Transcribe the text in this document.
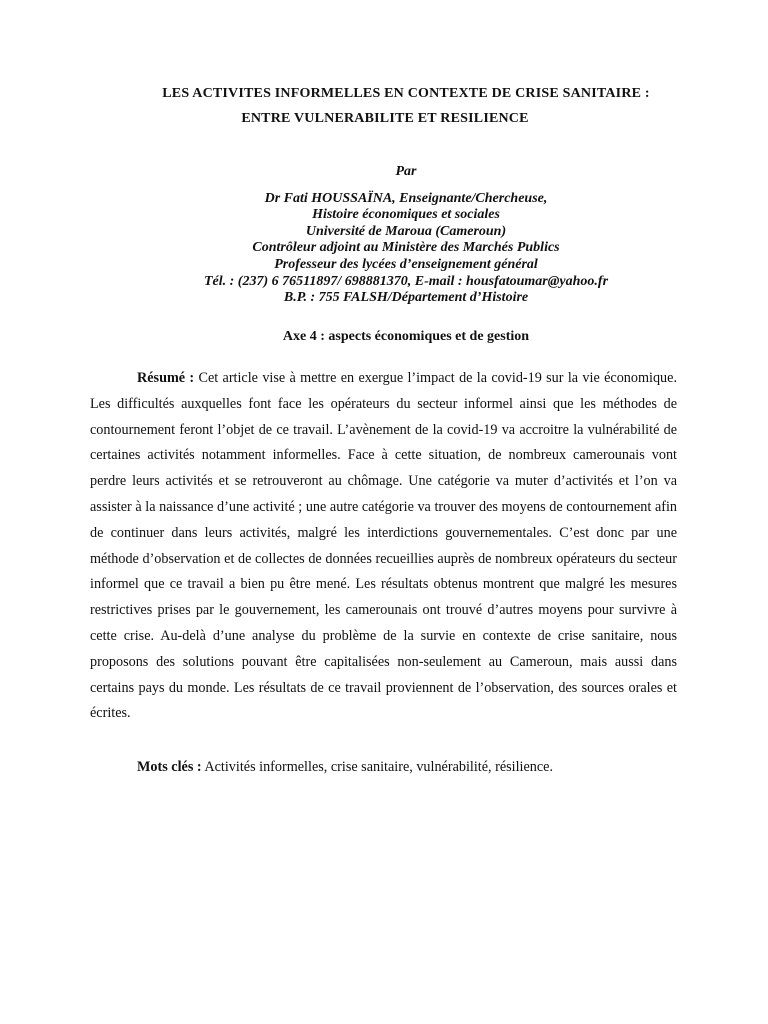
LES ACTIVITES INFORMELLES EN CONTEXTE DE CRISE SANITAIRE :
ENTRE VULNERABILITE ET RESILIENCE
Par
Dr Fati HOUSSAÏNA, Enseignante/Chercheuse,
Histoire économiques et sociales
Université de Maroua (Cameroun)
Contrôleur adjoint au Ministère des Marchés Publics
Professeur des lycées d’enseignement général
Tél. : (237) 6 76511897/ 698881370, E-mail : housfatoumar@yahoo.fr
B.P. : 755 FALSH/Département d’Histoire
Axe 4 : aspects économiques et de gestion

Résumé : Cet article vise à mettre en exergue l’impact de la covid-19 sur la vie économique. Les difficultés auxquelles font face les opérateurs du secteur informel ainsi que les méthodes de contournement feront l’objet de ce travail. L’avènement de la covid-19 va accroitre la vulnérabilité de certaines activités notamment informelles. Face à cette situation, de nombreux camerounais vont perdre leurs activités et se retrouveront au chômage. Une catégorie va muter d’activités et l’on va assister à la naissance d’une activité ; une autre catégorie va trouver des moyens de contournement afin de continuer dans leurs activités, malgré les interdictions gouvernementales. C’est donc par une méthode d’observation et de collectes de données recueillies auprès de nombreux opérateurs du secteur informel que ce travail a bien pu être mené. Les résultats obtenus montrent que malgré les mesures restrictives prises par le gouvernement, les camerounais ont trouvé d’autres moyens pour survivre à cette crise. Au-delà d’une analyse du problème de la survie en contexte de crise sanitaire, nous proposons des solutions pouvant être capitalisées non-seulement au Cameroun, mais aussi dans certains pays du monde. Les résultats de ce travail proviennent de l’observation, des sources orales et écrites.

Mots clés : Activités informelles, crise sanitaire, vulnérabilité, résilience.
